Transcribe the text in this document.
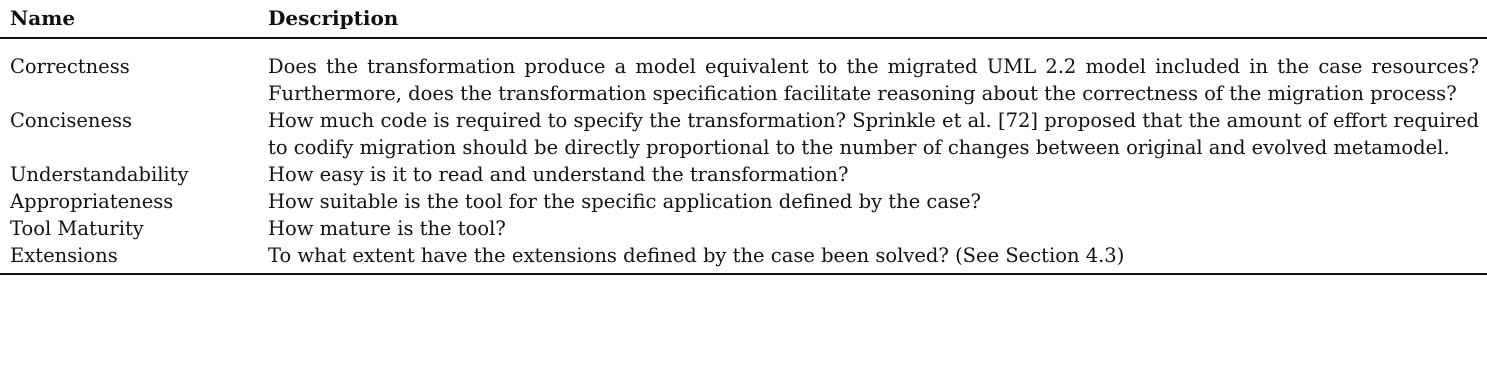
Name	Description
Correctness	Does the transformation produce a model equivalent to the migrated UML 2.2 model included in the case resources? Furthermore, does the transformation specification facilitate reasoning about the correctness of the migration process?
Conciseness	How much code is required to specify the transformation? Sprinkle et al. [72] proposed that the amount of effort required to codify migration should be directly proportional to the number of changes between original and evolved metamodel.
Understandability	How easy is it to read and understand the transformation?
Appropriateness	How suitable is the tool for the specific application defined by the case?
Tool Maturity	How mature is the tool?
Extensions	To what extent have the extensions defined by the case been solved? (See Section 4.3)
